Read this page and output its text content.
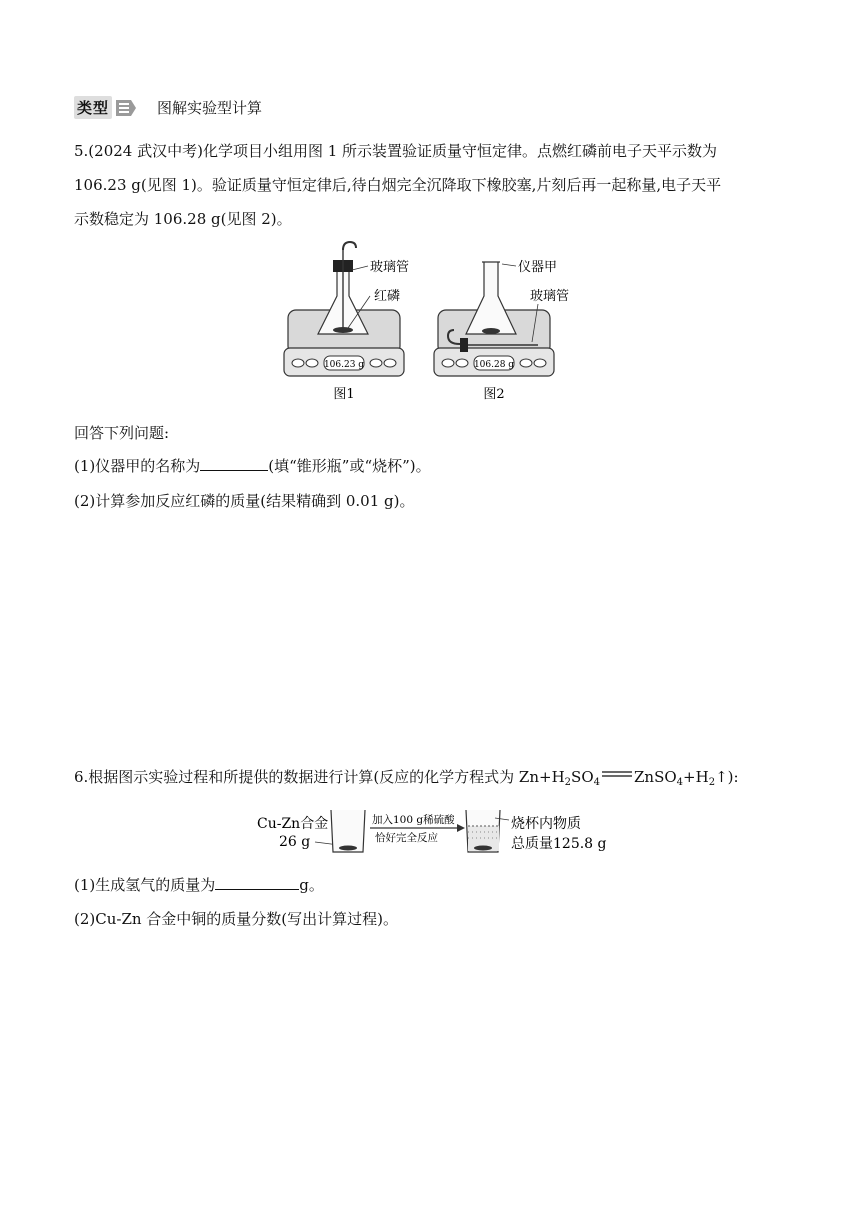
类型	图解实验型计算
5.(2024 武汉中考)化学项目小组用图 1 所示装置验证质量守恒定律。点燃红磷前电子天平示数为
106.23 g(见图 1)。验证质量守恒定律后,待白烟完全沉降取下橡胶塞,片刻后再一起称量,电子天平
示数稳定为 106.28 g(见图 2)。
106.23 g
玻璃管
红磷
图1
106.28 g
仪器甲
玻璃管
图2
回答下列问题:
(1)仪器甲的名称为	(填“锥形瓶”或“烧杯”)。
(2)计算参加反应红磷的质量(结果精确到 0.01 g)。
6.根据图示实验过程和所提供的数据进行计算(反应的化学方程式为 $Zn+H_2SO_4$ $ZnSO_4+H_2↑$):
Cu-Zn合金
26 g
加入100 g稀硫酸
恰好完全反应
烧杯内物质
总质量125.8 g
(1)生成氢气的质量为	g。
(2)Cu-Zn 合金中铜的质量分数(写出计算过程)。
